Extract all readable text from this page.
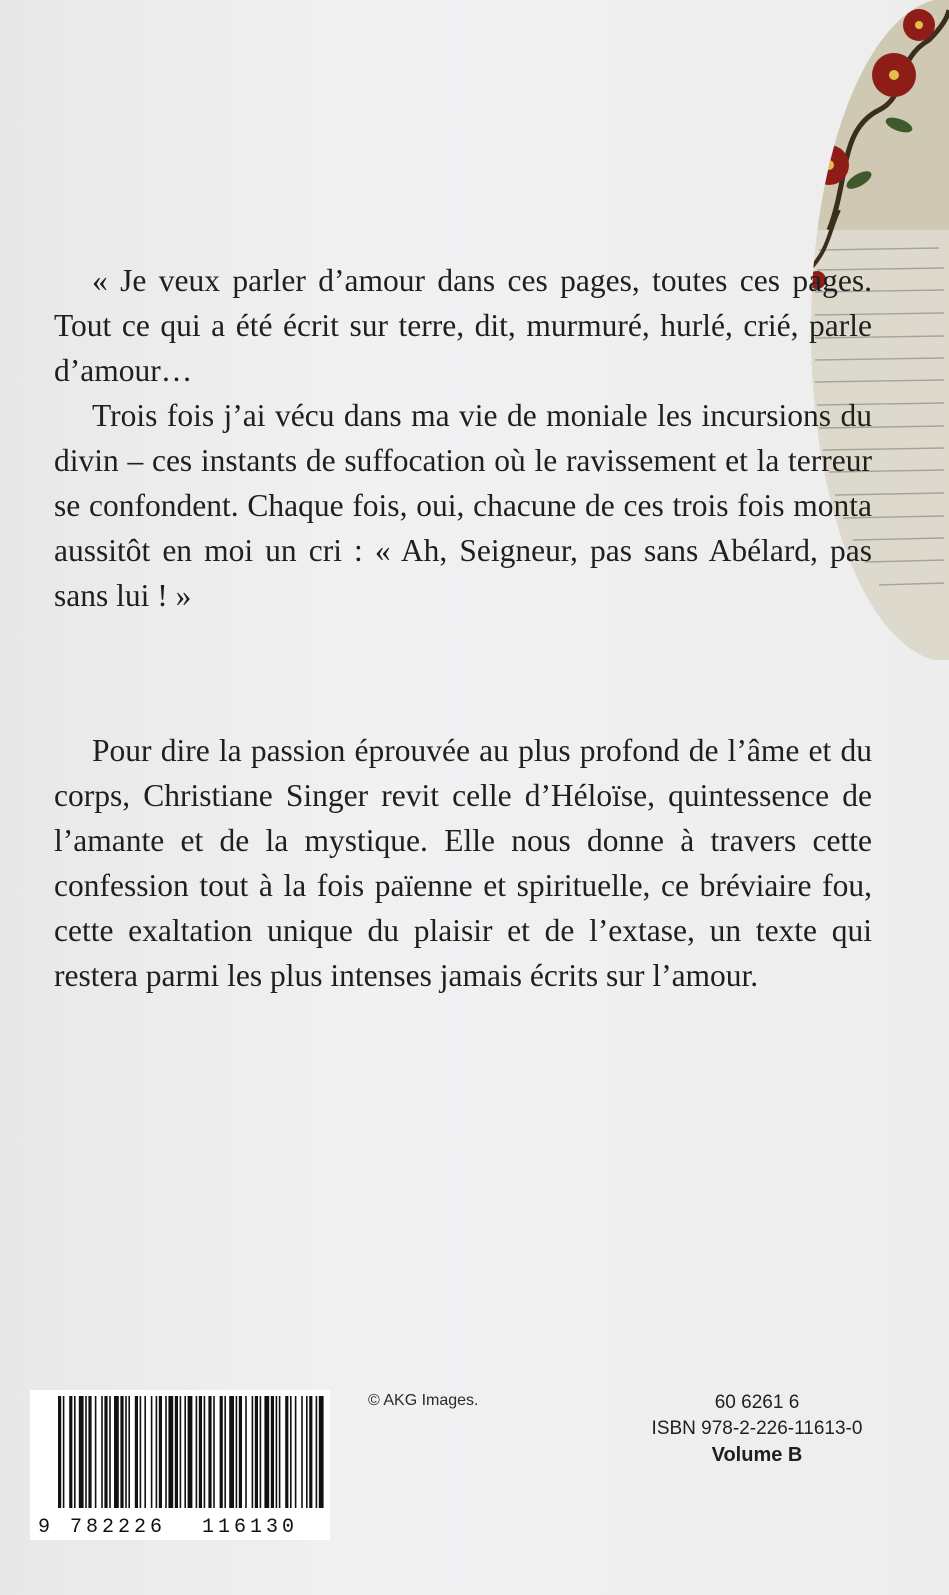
« Je veux parler d’amour dans ces pages, toutes ces pages. Tout ce qui a été écrit sur terre, dit, murmuré, hurlé, crié, parle d’amour…

Trois fois j’ai vécu dans ma vie de moniale les incursions du divin – ces instants de suffocation où le ravissement et la terreur se confondent. Chaque fois, oui, chacune de ces trois fois monta aussitôt en moi un cri : « Ah, Seigneur, pas sans Abélard, pas sans lui ! »

Pour dire la passion éprouvée au plus profond de l’âme et du corps, Christiane Singer revit celle d’Héloïse, quintessence de l’amante et de la mystique. Elle nous donne à travers cette confession tout à la fois païenne et spirituelle, ce bréviaire fou, cette exaltation unique du plaisir et de l’extase, un texte qui restera parmi les plus intenses jamais écrits sur l’amour.

9 782226 116130
© AKG Images.	60 6261 6
ISBN 978-2-226-11613-0
Volume B
